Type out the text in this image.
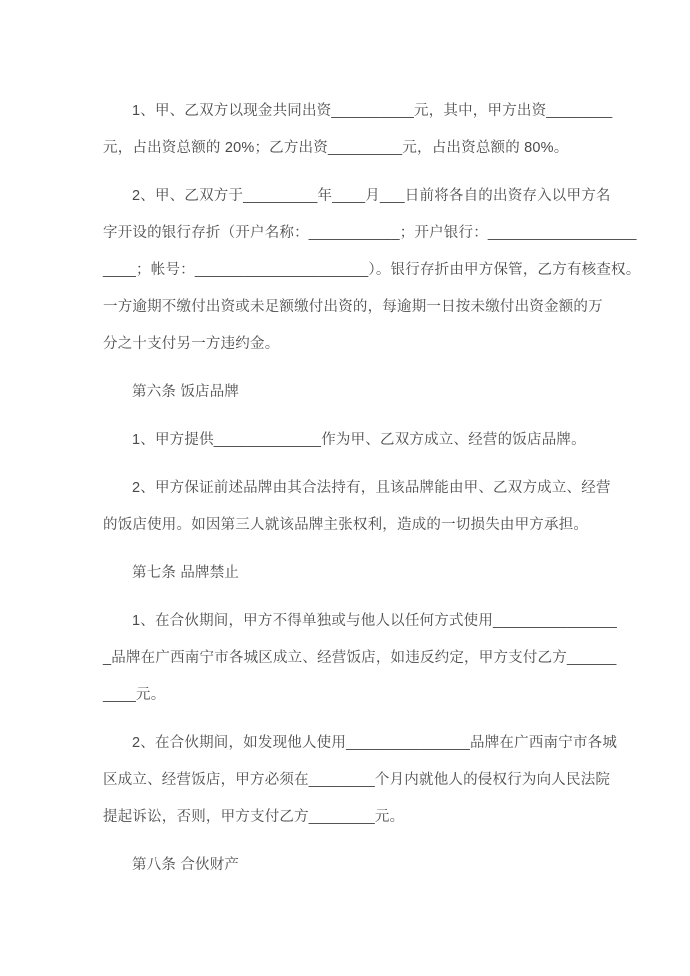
1、甲、乙双方以现金共同出资__________元，其中，甲方出资________
元，占出资总额的 20%；乙方出资_________元，占出资总额的 80%。
2、甲、乙双方于_________年____月___日前将各自的出资存入以甲方名
字开设的银行存折（开户名称：___________；开户银行：__________________
____；帐号：_____________________）。银行存折由甲方保管，乙方有核查权。
一方逾期不缴付出资或未足额缴付出资的，每逾期一日按未缴付出资金额的万
分之十支付另一方违约金。
第六条 饭店品牌
1、甲方提供_____________作为甲、乙双方成立、经营的饭店品牌。
2、甲方保证前述品牌由其合法持有，且该品牌能由甲、乙双方成立、经营
的饭店使用。如因第三人就该品牌主张权利，造成的一切损失由甲方承担。
第七条 品牌禁止
1、在合伙期间，甲方不得单独或与他人以任何方式使用_______________
_品牌在广西南宁市各城区成立、经营饭店，如违反约定，甲方支付乙方______
____元。
2、在合伙期间，如发现他人使用_______________品牌在广西南宁市各城
区成立、经营饭店，甲方必须在________个月内就他人的侵权行为向人民法院
提起诉讼，否则，甲方支付乙方________元。
第八条 合伙财产
